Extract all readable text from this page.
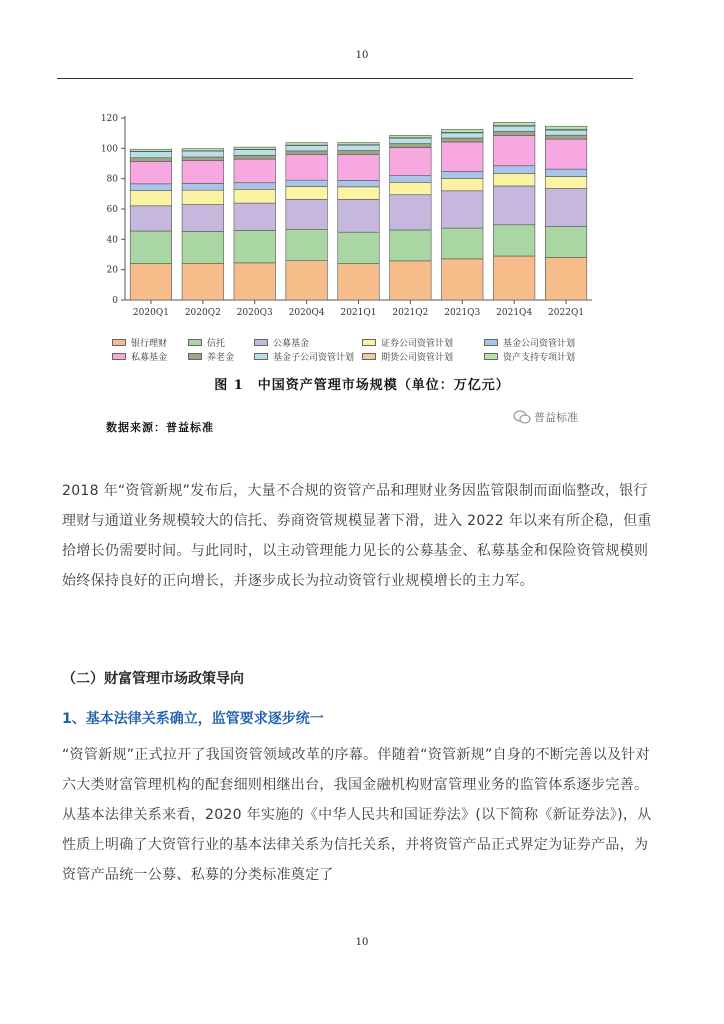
10
0
20
40
60
80
100
120
2020Q1 2020Q2 2020Q3 2020Q4 2021Q1 2021Q2 2021Q3 2021Q4 2022Q1
银行理财	信托	公募基金	证券公司资管计划	基金公司资管计划
私募基金	养老金	基金子公司资管计划	期货公司资管计划	资产支持专项计划
图 1　中国资产管理市场规模（单位：万亿元）
数据来源：普益标准
普益标准
2018 年“资管新规”发布后，大量不合规的资管产品和理财业务因监管限制而面临整改，银行理财与通道业务规模较大的信托、券商资管规模显著下滑，进入 2022 年以来有所企稳，但重拾增长仍需要时间。与此同时，以主动管理能力见长的公募基金、私募基金和保险资管规模则始终保持良好的正向增长，并逐步成长为拉动资管行业规模增长的主力军。
（二）财富管理市场政策导向
1、基本法律关系确立，监管要求逐步统一
“资管新规”正式拉开了我国资管领域改革的序幕。伴随着“资管新规”自身的不断完善以及针对六大类财富管理机构的配套细则相继出台，我国金融机构财富管理业务的监管体系逐步完善。从基本法律关系来看，2020 年实施的《中华人民共和国证券法》(以下简称《新证券法》)，从性质上明确了大资管行业的基本法律关系为信托关系，并将资管产品正式界定为证券产品，为资管产品统一公募、私募的分类标准奠定了
10
